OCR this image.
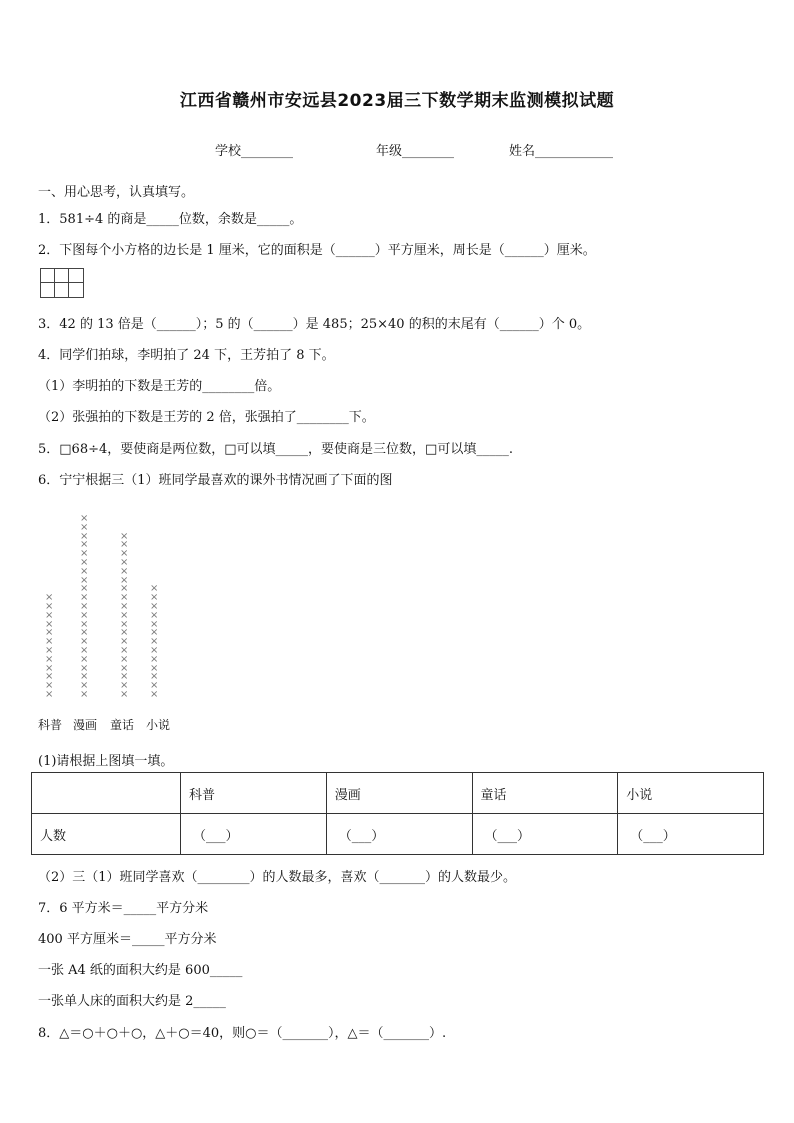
江西省赣州市安远县2023届三下数学期末监测模拟试题
学校________	年级________	姓名____________
一、用心思考，认真填写。
1．581÷4 的商是_____位数，余数是_____。
2．下图每个小方格的边长是 1 厘米，它的面积是（______）平方厘米，周长是（______）厘米。
3．42 的 13 倍是（______）；5 的（______）是 485；25×40 的积的末尾有（______）个 0。
4．同学们拍球，李明拍了 24 下，王芳拍了 8 下。
（1）李明拍的下数是王芳的________倍。
（2）张强拍的下数是王芳的 2 倍，张强拍了________下。
5．□68÷4，要使商是两位数，□可以填_____，要使商是三位数，□可以填_____.
6．宁宁根据三（1）班同学最喜欢的课外书情况画了下面的图
×
×
×
×
×
×
×
×
×
×
×
×
×
×
×
×
×
×
×
×
×
×
×
×
×
×
×
×
×
×
×
×
×
×
×
×
×
×
×
×
×
×
×
×
×
×
×
×
×
×
×
×
×
×
×
×
×
×
×
×
×
×
×
×
×
科普 漫画 童话 小说
(1)请根据上图填一填。
	科普	漫画	童话	小说
人数	（___）	（___）	（___）	（___）
（2）三（1）班同学喜欢（________）的人数最多，喜欢（_______）的人数最少。
7．6 平方米＝_____平方分米
400 平方厘米＝_____平方分米
一张 A4 纸的面积大约是 600_____
一张单人床的面积大约是 2_____
8．△＝○＋○＋○，△＋○＝40，则○＝（_______），△＝（_______）.
